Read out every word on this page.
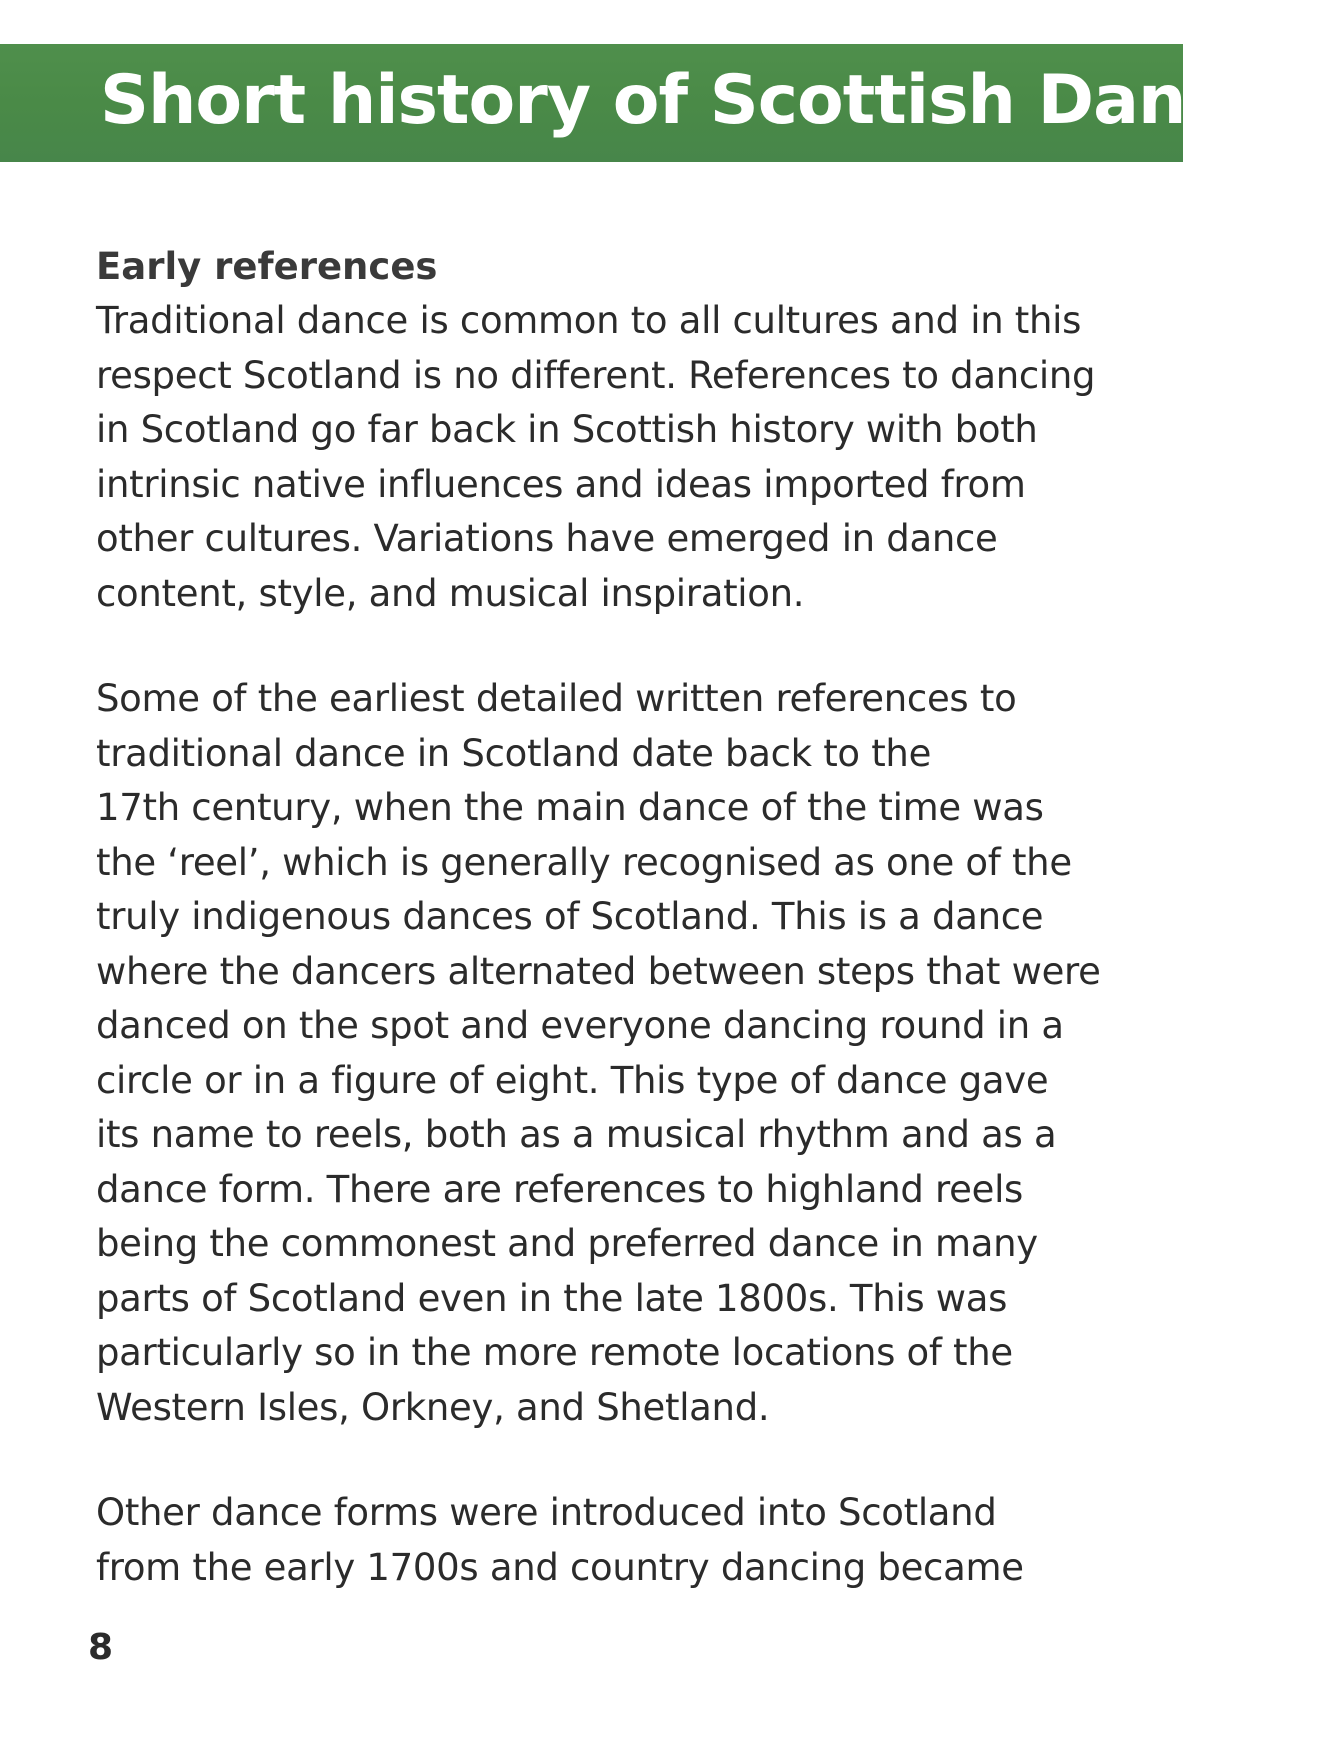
Short history of Scottish Dancing
Early references

Traditional dance is common to all cultures and in this
respect Scotland is no different. References to dancing
in Scotland go far back in Scottish history with both
intrinsic native influences and ideas imported from
other cultures. Variations have emerged in dance
content, style, and musical inspiration.

Some of the earliest detailed written references to
traditional dance in Scotland date back to the
17th century, when the main dance of the time was
the ‘reel’, which is generally recognised as one of the
truly indigenous dances of Scotland. This is a dance
where the dancers alternated between steps that were
danced on the spot and everyone dancing round in a
circle or in a figure of eight. This type of dance gave
its name to reels, both as a musical rhythm and as a
dance form. There are references to highland reels
being the commonest and preferred dance in many
parts of Scotland even in the late 1800s. This was
particularly so in the more remote locations of the
Western Isles, Orkney, and Shetland.

Other dance forms were introduced into Scotland
from the early 1700s and country dancing became

8
